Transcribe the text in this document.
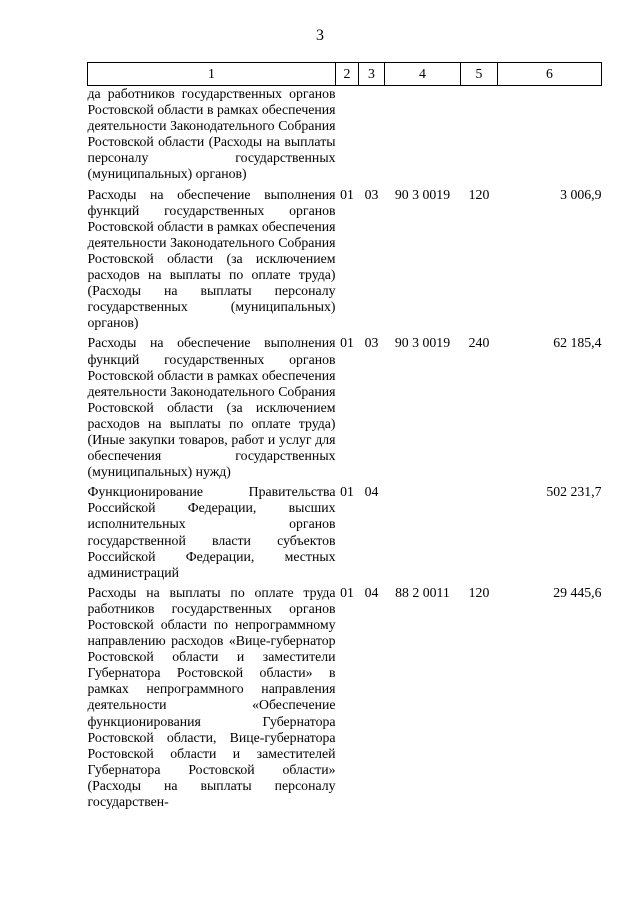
3
1	2	3	4	5	6
да работников государственных органов Ростовской области в рамках обеспечения деятельности Законодательного Собрания Ростовской области (Расходы на выплаты персоналу государственных (муниципальных) органов)					
Расходы на обеспечение выполнения функций государственных органов Ростовской области в рамках обеспечения деятельности Законодательного Собрания Ростовской области (за исключением расходов на выплаты по оплате труда) (Расходы на выплаты персоналу государственных (муниципальных) органов)	01	03	90 3 0019	120	3 006,9
Расходы на обеспечение выполнения функций государственных органов Ростовской области в рамках обеспечения деятельности Законодательного Собрания Ростовской области (за исключением расходов на выплаты по оплате труда) (Иные закупки товаров, работ и услуг для обеспечения государственных (муниципальных) нужд)	01	03	90 3 0019	240	62 185,4
Функционирование Правительства Российской Федерации, высших исполнительных органов государственной власти субъектов Российской Федерации, местных администраций	01	04			502 231,7
Расходы на выплаты по оплате труда работников государственных органов Ростовской области по непрограммному направлению расходов «Вице-губернатор Ростовской области и заместители Губернатора Ростовской области» в рамках непрограммного направления деятельности «Обеспечение функционирования Губернатора Ростовской области, Вице-губернатора Ростовской области и заместителей Губернатора Ростовской области» (Расходы на выплаты персоналу государствен-	01	04	88 2 0011	120	29 445,6
